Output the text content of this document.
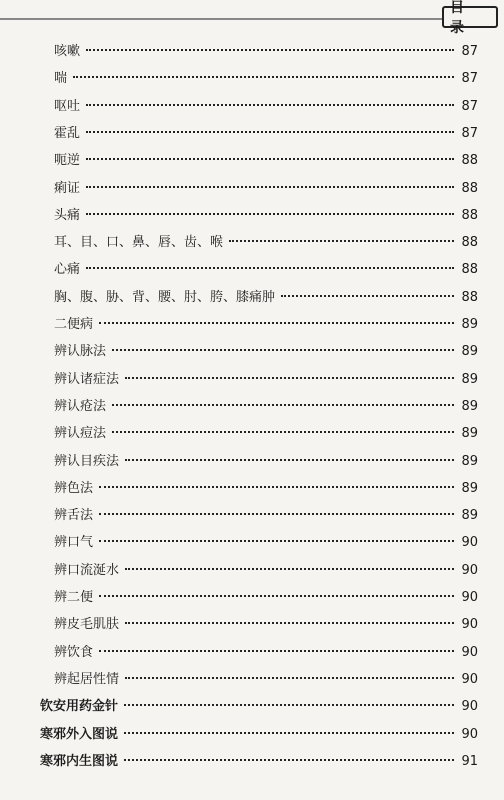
目 录
咳嗽	87
喘	87
呕吐	87
霍乱	87
呃逆	88
痢证	88
头痛	88
耳、目、口、鼻、唇、齿、喉	88
心痛	88
胸、腹、胁、背、腰、肘、胯、膝痛肿	88
二便病	89
辨认脉法	89
辨认诸症法	89
辨认疮法	89
辨认痘法	89
辨认目疾法	89
辨色法	89
辨舌法	89
辨口气	90
辨口流涎水	90
辨二便	90
辨皮毛肌肤	90
辨饮食	90
辨起居性情	90
钦安用药金针	90
寒邪外入图说	90
寒邪内生图说	91
